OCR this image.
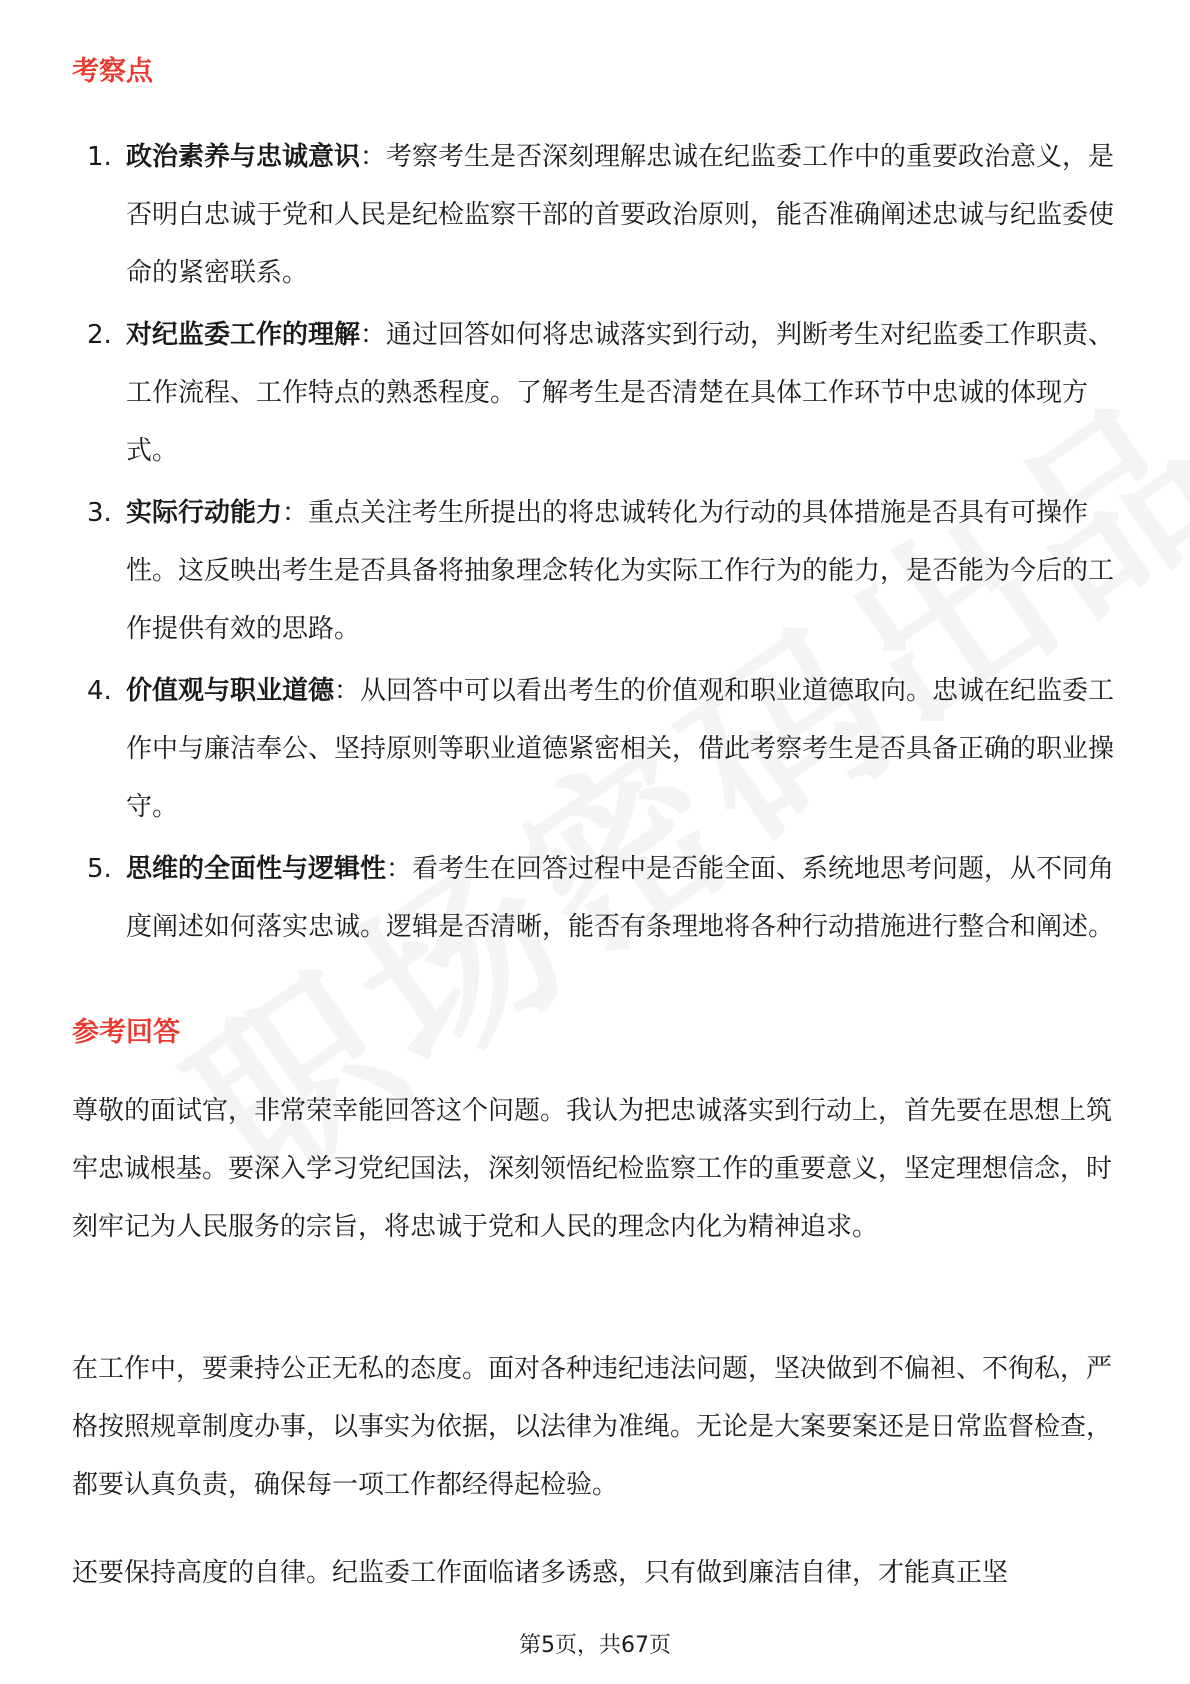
考察点
1. 政治素养与忠诚意识：考察考生是否深刻理解忠诚在纪监委工作中的重要政治意义，是否明白忠诚于党和人民是纪检监察干部的首要政治原则，能否准确阐述忠诚与纪监委使命的紧密联系。
2. 对纪监委工作的理解：通过回答如何将忠诚落实到行动，判断考生对纪监委工作职责、工作流程、工作特点的熟悉程度。了解考生是否清楚在具体工作环节中忠诚的体现方式。
3. 实际行动能力：重点关注考生所提出的将忠诚转化为行动的具体措施是否具有可操作性。这反映出考生是否具备将抽象理念转化为实际工作行为的能力，是否能为今后的工作提供有效的思路。
4. 价值观与职业道德：从回答中可以看出考生的价值观和职业道德取向。忠诚在纪监委工作中与廉洁奉公、坚持原则等职业道德紧密相关，借此考察考生是否具备正确的职业操守。
5. 思维的全面性与逻辑性：看考生在回答过程中是否能全面、系统地思考问题，从不同角度阐述如何落实忠诚。逻辑是否清晰，能否有条理地将各种行动措施进行整合和阐述。
参考回答

尊敬的面试官，非常荣幸能回答这个问题。我认为把忠诚落实到行动上，首先要在思想上筑牢忠诚根基。要深入学习党纪国法，深刻领悟纪检监察工作的重要意义，坚定理想信念，时刻牢记为人民服务的宗旨，将忠诚于党和人民的理念内化为精神追求。

在工作中，要秉持公正无私的态度。面对各种违纪违法问题，坚决做到不偏袒、不徇私，严格按照规章制度办事，以事实为依据，以法律为准绳。无论是大案要案还是日常监督检查，都要认真负责，确保每一项工作都经得起检验。

还要保持高度的自律。纪监委工作面临诸多诱惑，只有做到廉洁自律，才能真正坚

第5页，共67页
